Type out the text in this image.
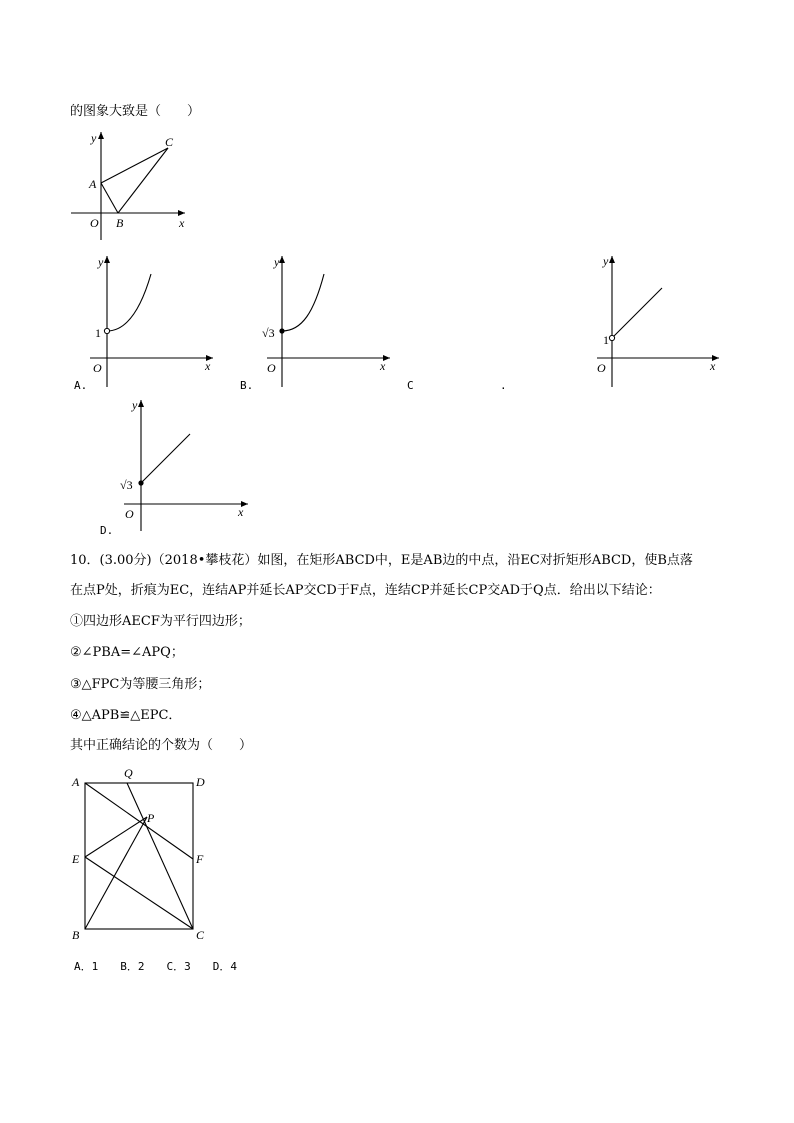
的图象大致是（　　）
y
x
O
A
B
C
y
x
O
1
A.
y
x
O
√3
B.	C	.
y
x
O
1
y
x
O
√3
D.
10．(3.00分)（2018•攀枝花）如图，在矩形ABCD中，E是AB边的中点，沿EC对折矩形ABCD，使B点落
在点P处，折痕为EC，连结AP并延长AP交CD于F点，连结CP并延长CP交AD于Q点．给出以下结论：
①四边形AECF为平行四边形；
②∠PBA=∠APQ；
③△FPC为等腰三角形；
④△APB≌△EPC．
其中正确结论的个数为（　　）
A
Q
D
P
E	F
B	C
A．1　　B．2　　C．3　　D．4
